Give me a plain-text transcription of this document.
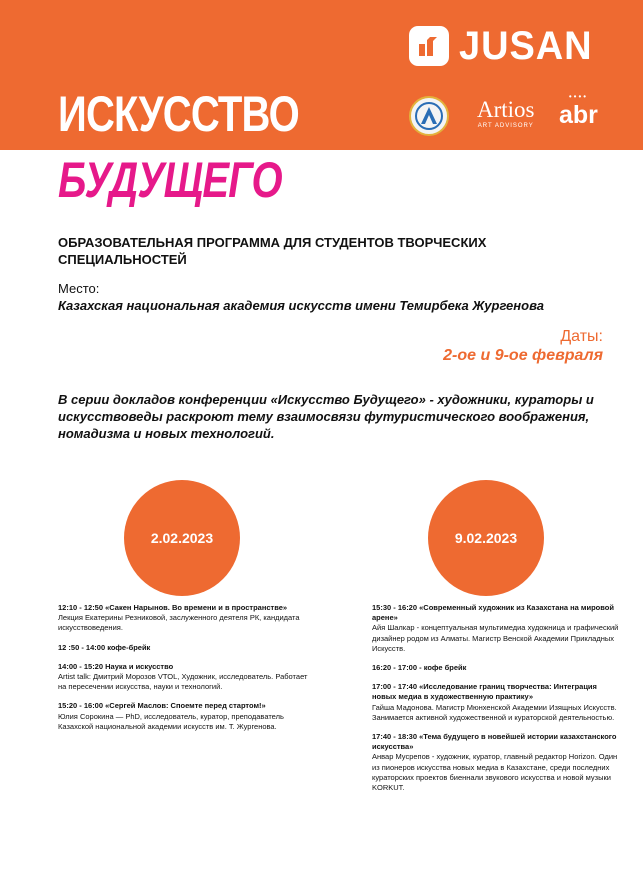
JUSAN
ИСКУССТВО
БУДУЩЕГО
Artios
ART ADVISORY
••••
abr
ОБРАЗОВАТЕЛЬНАЯ ПРОГРАММА ДЛЯ СТУДЕНТОВ ТВОРЧЕСКИХ СПЕЦИАЛЬНОСТЕЙ
Место:
Казахская национальная академия искусств имени Темирбека Жургенова
Даты:
2-ое и 9-ое февраля

В серии докладов конференции «Искусство Будущего» - художники, кураторы и искусствоведы раскроют тему взаимосвязи футуристического воображения, номадизма и новых технологий.

2.02.2023	9.02.2023
12:10 - 12:50 «Сакен Нарынов. Во времени и в пространстве»
Лекция Екатерины Резниковой, заслуженного деятеля РК, кандидата искусствоведения.
12 :50 - 14:00 кофе-брейк
14:00 - 15:20 Наука и искусство
Artist talk: Дмитрий Морозов VTOL, Художник, исследователь. Работает на пересечении искусства, науки и технологий.
15:20 - 16:00 «Сергей Маслов: Споемте перед стартом!»
Юлия Сорокина — PhD, исследователь, куратор, преподаватель Казахской национальной академии искусств им. Т. Жургенова.
15:30 - 16:20 «Современный художник из Казахстана на мировой арене»
Айя Шалкар - концептуальная мультимедиа художница и графический дизайнер родом из Алматы. Магистр Венской Академии Прикладных Искусств.
16:20 - 17:00 - кофе брейк
17:00 - 17:40 «Исследование границ творчества: Интеграция новых медиа в художественную практику»
Гайша Мадонова. Магистр Мюнхенской Академии Изящных Искусств. Занимается активной художественной и кураторской деятельностью.
17:40 - 18:30 «Тема будущего в новейшей истории казахстанского искусства»
Анвар Мусрепов - художник, куратор, главный редактор Horizon. Один из пионеров искусства новых медиа в Казахстане, среди последних кураторских проектов биеннали звукового искусства и новой музыки KORKUT.
